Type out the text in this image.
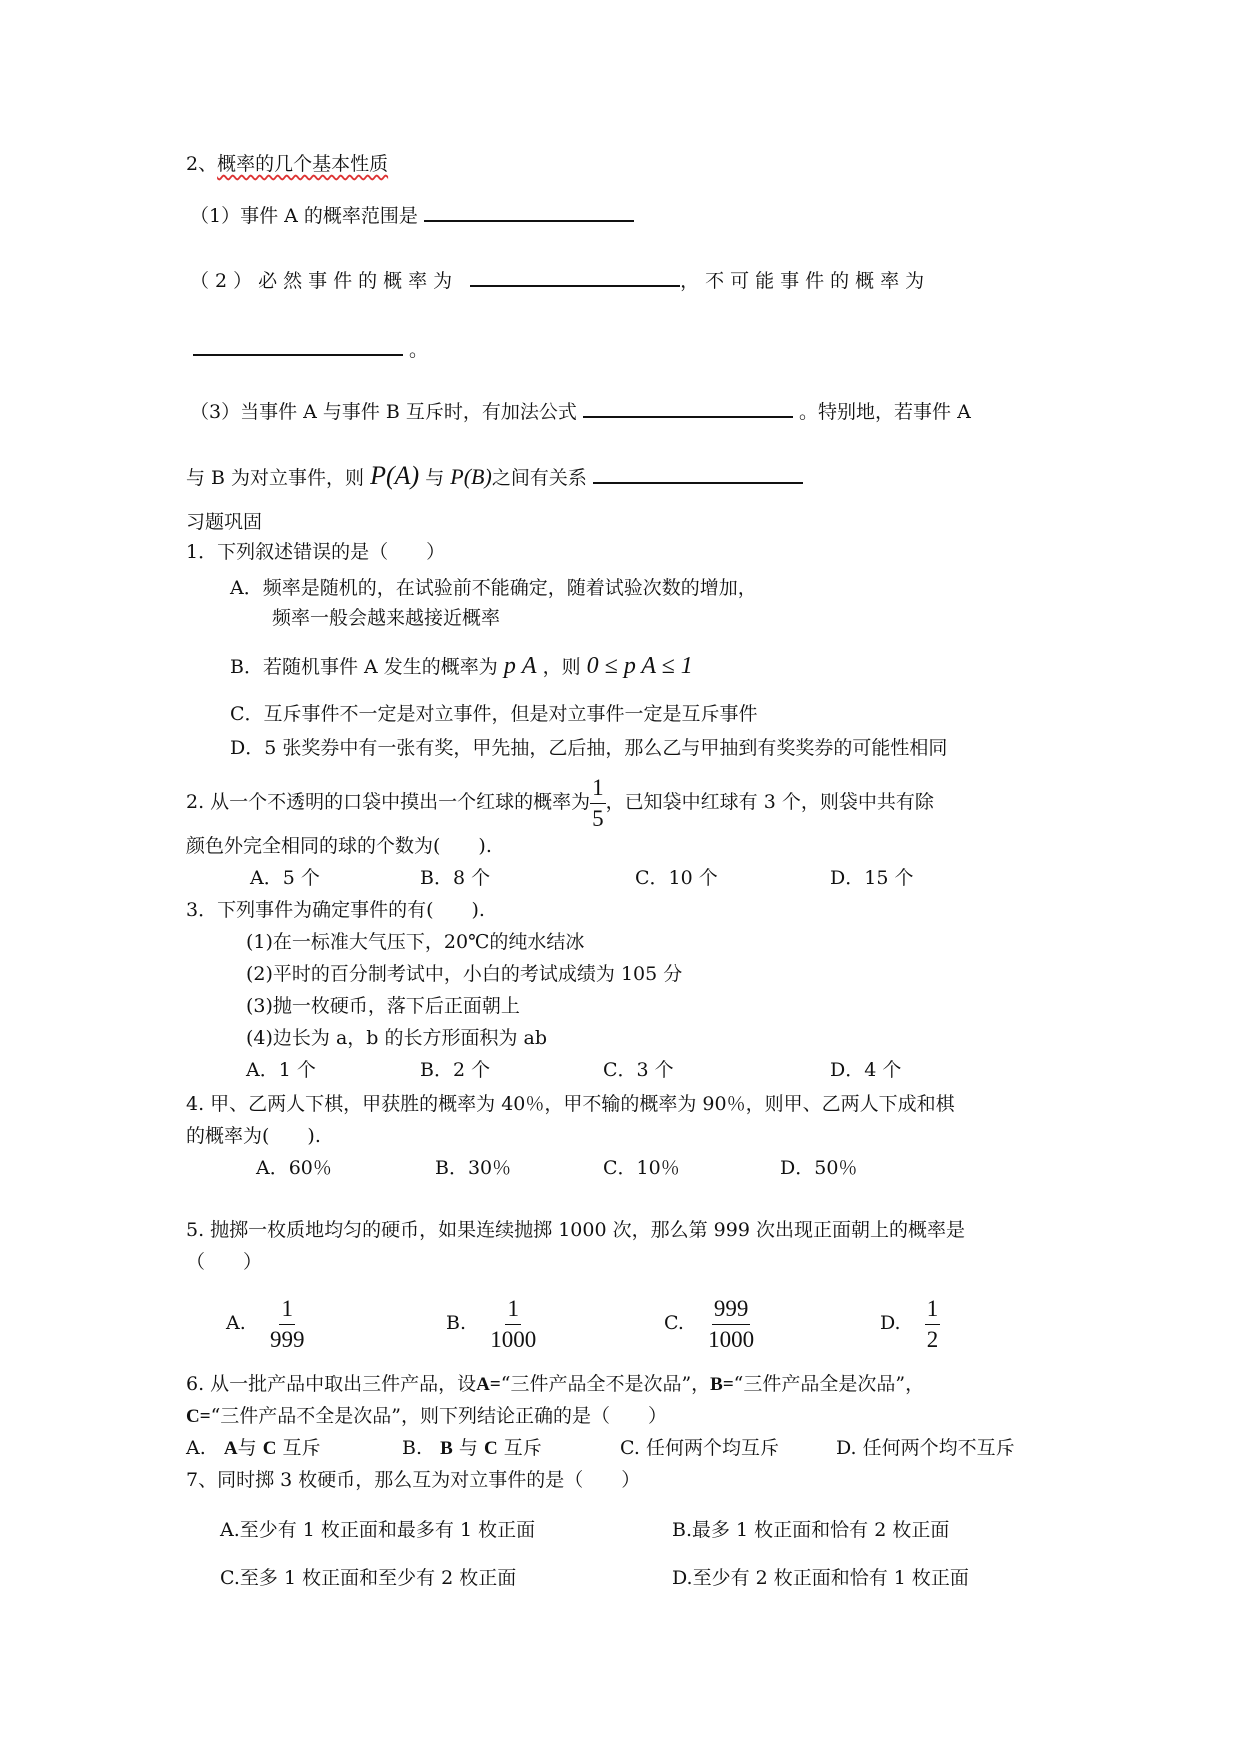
2、概率的几个基本性质
（1）事件 A 的概率范围是
（2）必然事件的概率为	，不可能事件的概率为
。
（3）当事件 A 与事件 B 互斥时，有加法公式	。特别地，若事件 A
与 B 为对立事件，则 P(A) 与 P(B)之间有关系
习题巩固
1．下列叙述错误的是（　　）
A．频率是随机的，在试验前不能确定，随着试验次数的增加，
频率一般会越来越接近概率
B．若随机事件 A 发生的概率为 p A ，则 0 ≤ p A ≤ 1
C．互斥事件不一定是对立事件，但是对立事件一定是互斥事件
D．5 张奖券中有一张有奖，甲先抽，乙后抽，那么乙与甲抽到有奖奖券的可能性相同
2. 从一个不透明的口袋中摸出一个红球的概率为 $\frac{1}{5}$ ，已知袋中红球有 3 个，则袋中共有除
颜色外完全相同的球的个数为(　　).
A．5 个	B．8 个	C．10 个	D．15 个
3．下列事件为确定事件的有(　　).
(1)在一标准大气压下，20℃的纯水结冰
(2)平时的百分制考试中，小白的考试成绩为 105 分
(3)抛一枚硬币，落下后正面朝上
(4)边长为 a，b 的长方形面积为 ab
A．1 个	B．2 个	C．3 个	D．4 个
4. 甲、乙两人下棋，甲获胜的概率为 40％，甲不输的概率为 90％，则甲、乙两人下成和棋
的概率为(　　).
A．60％	B．30％	C．10％	D．50％
5. 抛掷一枚质地均匀的硬币，如果连续抛掷 1000 次，那么第 999 次出现正面朝上的概率是
（　　）
A. $\frac{1}{999}$	B. $\frac{1}{1000}$	C. $\frac{999}{1000}$	D. $\frac{1}{2}$
6. 从一批产品中取出三件产品，设A=“三件产品全不是次品”，B=“三件产品全是次品”，
C=“三件产品不全是次品”，则下列结论正确的是（　　）
A. A与 C 互斥	B. B 与 C 互斥	C. 任何两个均互斥	D. 任何两个均不互斥
7、同时掷 3 枚硬币，那么互为对立事件的是（　　）
A.至少有 1 枚正面和最多有 1 枚正面	B.最多 1 枚正面和恰有 2 枚正面
C.至多 1 枚正面和至少有 2 枚正面	D.至少有 2 枚正面和恰有 1 枚正面
